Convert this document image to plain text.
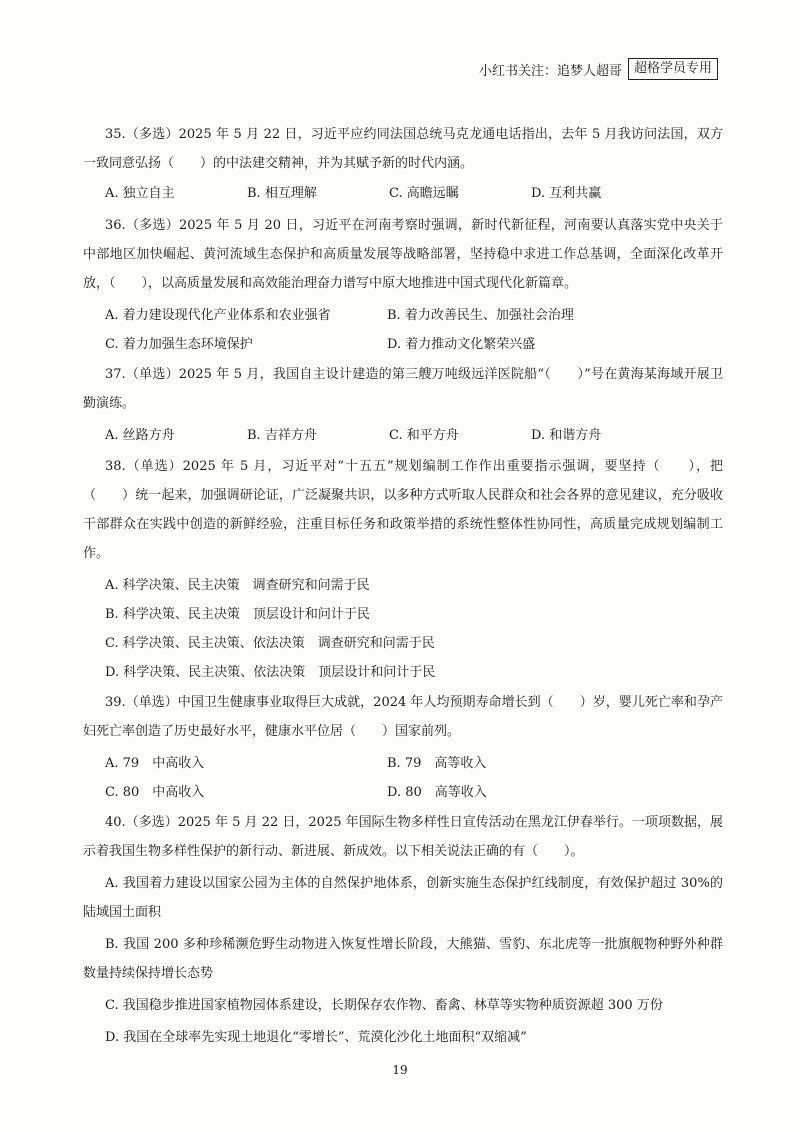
小红书关注：追梦人超哥 超格学员专用

35.（多选）2025 年 5 月 22 日，习近平应约同法国总统马克龙通电话指出，去年 5 月我访问法国，双方一致同意弘扬（　　）的中法建交精神，并为其赋予新的时代内涵。

A. 独立自主	B. 相互理解	C. 高瞻远瞩	D. 互利共赢

36.（多选）2025 年 5 月 20 日，习近平在河南考察时强调，新时代新征程，河南要认真落实党中央关于中部地区加快崛起、黄河流域生态保护和高质量发展等战略部署，坚持稳中求进工作总基调，全面深化改革开放，（　　），以高质量发展和高效能治理奋力谱写中原大地推进中国式现代化新篇章。

A. 着力建设现代化产业体系和农业强省	B. 着力改善民生、加强社会治理
C. 着力加强生态环境保护	D. 着力推动文化繁荣兴盛

37.（单选）2025 年 5 月，我国自主设计建造的第三艘万吨级远洋医院船“（　　）”号在黄海某海域开展卫勤演练。

A. 丝路方舟	B. 吉祥方舟	C. 和平方舟	D. 和谐方舟

38.（单选）2025 年 5 月，习近平对“十五五”规划编制工作作出重要指示强调，要坚持（　　），把（　　）统一起来，加强调研论证，广泛凝聚共识，以多种方式听取人民群众和社会各界的意见建议，充分吸收干部群众在实践中创造的新鲜经验，注重目标任务和政策举措的系统性整体性协同性，高质量完成规划编制工作。

A. 科学决策、民主决策　调查研究和问需于民
B. 科学决策、民主决策　顶层设计和问计于民
C. 科学决策、民主决策、依法决策　调查研究和问需于民
D. 科学决策、民主决策、依法决策　顶层设计和问计于民

39.（单选）中国卫生健康事业取得巨大成就，2024 年人均预期寿命增长到（　　）岁，婴儿死亡率和孕产妇死亡率创造了历史最好水平，健康水平位居（　　）国家前列。

A. 79　中高收入	B. 79　高等收入
C. 80　中高收入	D. 80　高等收入

40.（多选）2025 年 5 月 22 日，2025 年国际生物多样性日宣传活动在黑龙江伊春举行。一项项数据，展示着我国生物多样性保护的新行动、新进展、新成效。以下相关说法正确的有（　　）。

A. 我国着力建设以国家公园为主体的自然保护地体系，创新实施生态保护红线制度，有效保护超过 30%的陆域国土面积
B. 我国 200 多种珍稀濒危野生动物进入恢复性增长阶段，大熊猫、雪豹、东北虎等一批旗舰物种野外种群数量持续保持增长态势
C. 我国稳步推进国家植物园体系建设，长期保存农作物、畜禽、林草等实物种质资源超 300 万份
D. 我国在全球率先实现土地退化“零增长”、荒漠化沙化土地面积“双缩减”
19
